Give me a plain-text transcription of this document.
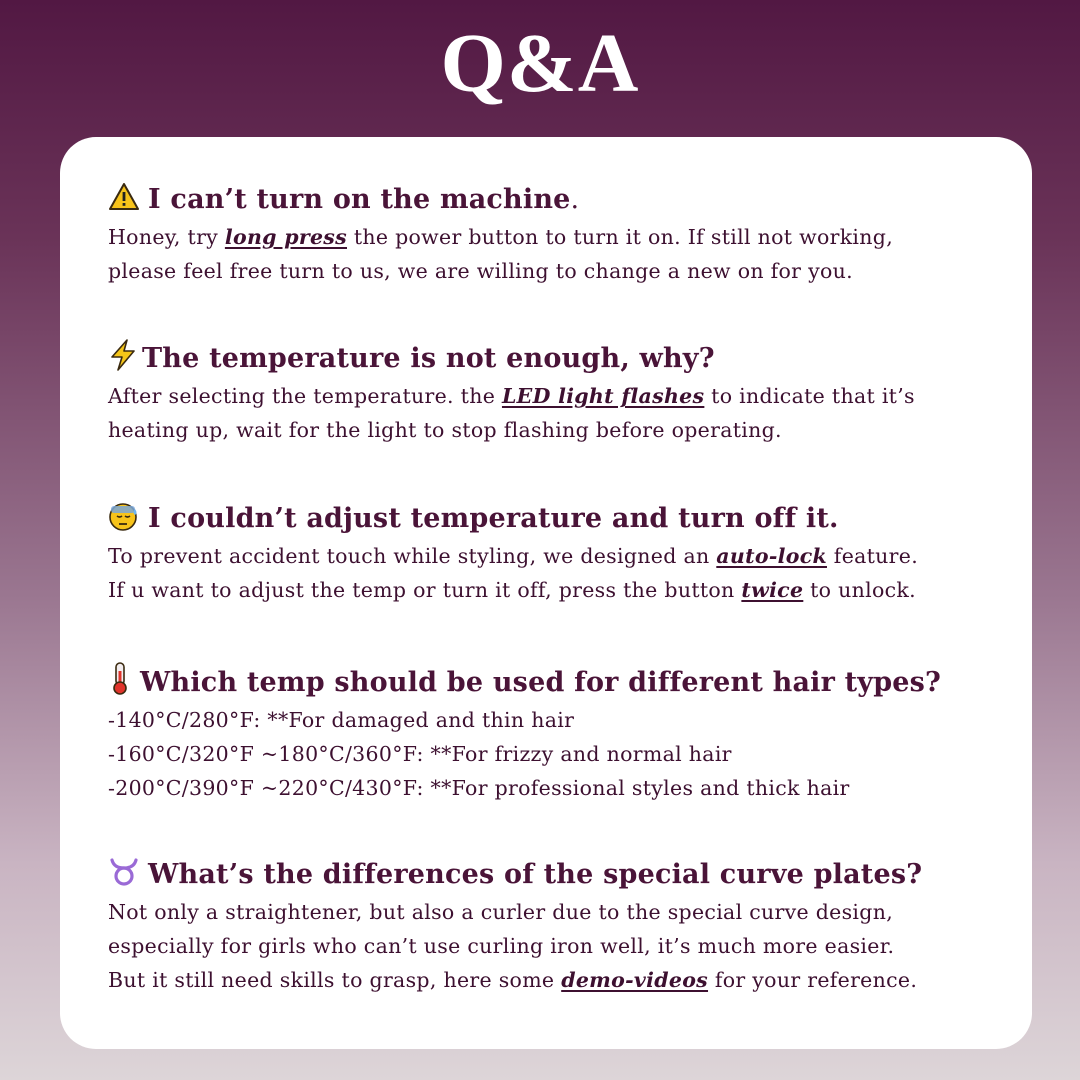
Q&A
I can’t turn on the machine.

Honey, try long press the power button to turn it on. If still not working,

please feel free turn to us, we are willing to change a new on for you.

The temperature is not enough, why?

After selecting the temperature. the LED light flashes to indicate that it’s

heating up, wait for the light to stop flashing before operating.

I couldn’t adjust temperature and turn off it.

To prevent accident touch while styling, we designed an auto-lock feature.

If u want to adjust the temp or turn it off, press the button twice to unlock.

Which temp should be used for different hair types?

-140°C/280°F: **For damaged and thin hair

-160°C/320°F ~180°C/360°F: **For frizzy and normal hair

-200°C/390°F ~220°C/430°F: **For professional styles and thick hair

What’s the differences of the special curve plates?

Not only a straightener, but also a curler due to the special curve design,

especially for girls who can’t use curling iron well, it’s much more easier.

But it still need skills to grasp, here some demo-videos for your reference.
